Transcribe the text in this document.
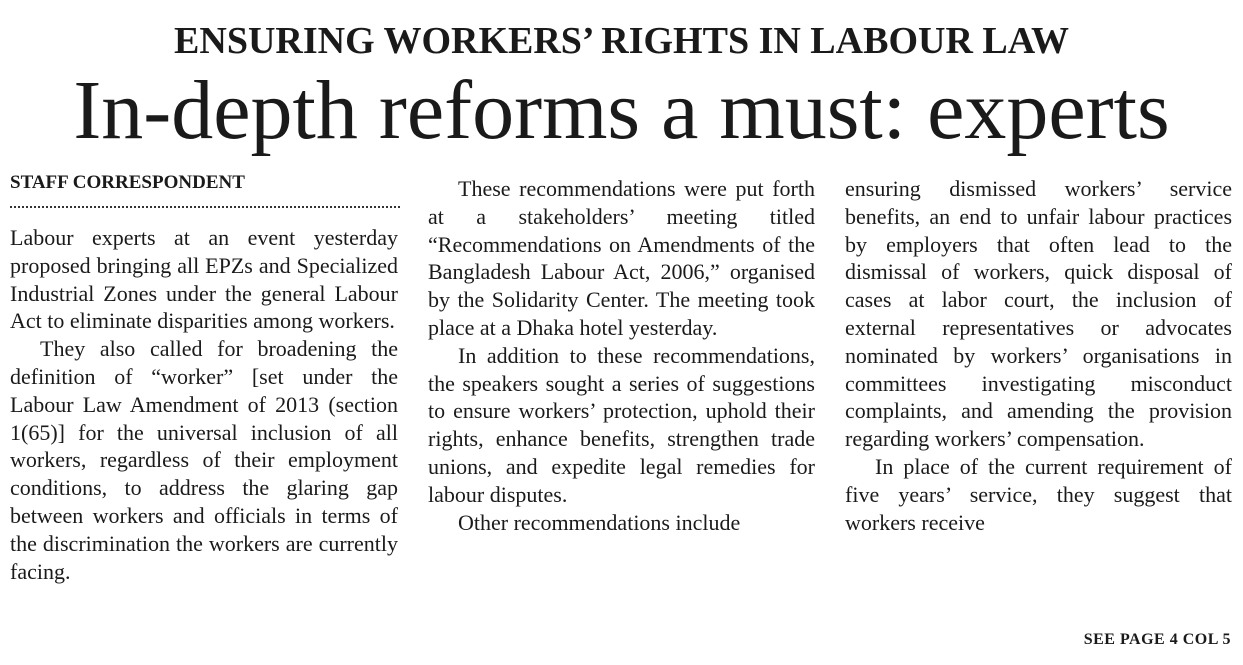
ENSURING WORKERS’ RIGHTS IN LABOUR LAW
In-depth reforms a must: experts
STAFF CORRESPONDENT

Labour experts at an event yesterday proposed bringing all EPZs and Specialized Industrial Zones under the general Labour Act to eliminate disparities among workers.

They also called for broadening the definition of “worker” [set under the Labour Law Amendment of 2013 (section 1(65)] for the universal inclusion of all workers, regardless of their employment conditions, to address the glaring gap between workers and officials in terms of the discrimination the workers are currently facing.

These recommendations were put forth at a stakeholders’ meeting titled “Recommendations on Amendments of the Bangladesh Labour Act, 2006,” organised by the Solidarity Center. The meeting took place at a Dhaka hotel yesterday.

In addition to these recommendations, the speakers sought a series of suggestions to ensure workers’ protection, uphold their rights, enhance benefits, strengthen trade unions, and expedite legal remedies for labour disputes.

Other recommendations include

ensuring dismissed workers’ service benefits, an end to unfair labour practices by employers that often lead to the dismissal of workers, quick disposal of cases at labor court, the inclusion of external representatives or advocates nominated by workers’ organisations in committees investigating misconduct complaints, and amending the provision regarding workers’ compensation.

In place of the current requirement of five years’ service, they suggest that workers receive

SEE PAGE 4 COL 5
